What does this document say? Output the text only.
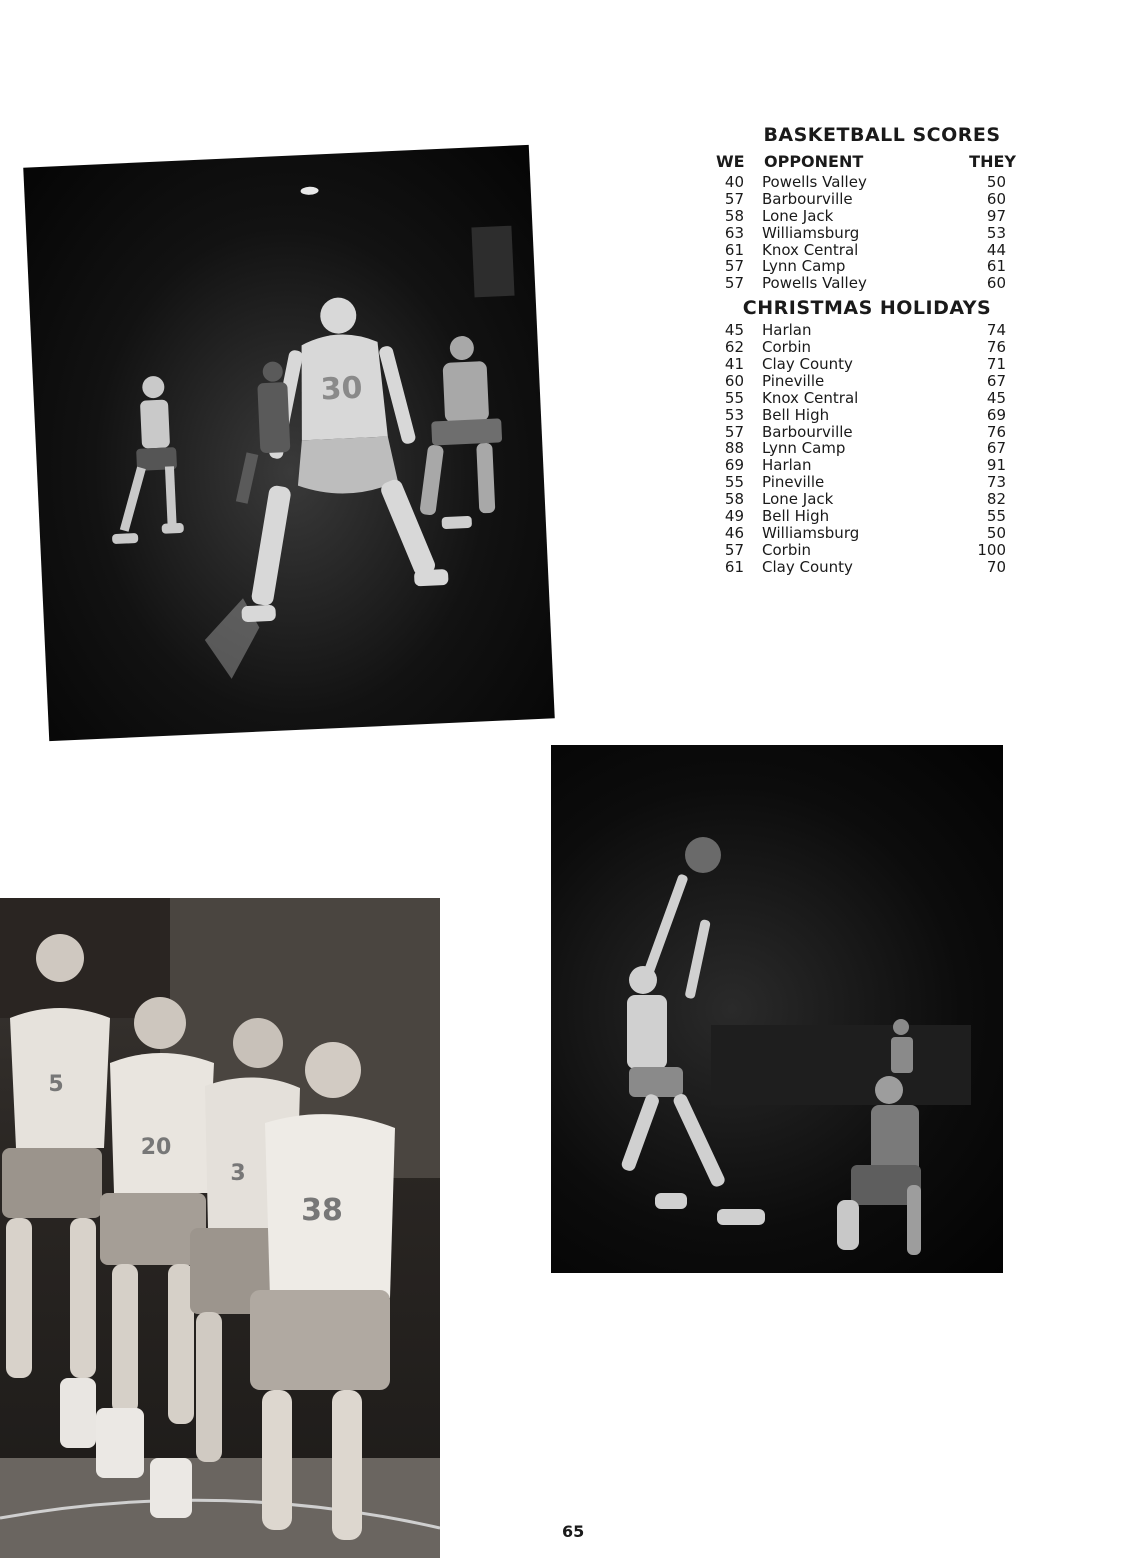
30
BASKETBALL SCORES
WE OPPONENT	THEY
40 Powells Valley	50
57 Barbourville	60
58 Lone Jack	97
63 Williamsburg	53
61 Knox Central	44
57 Lynn Camp	61
57 Powells Valley	60
CHRISTMAS HOLIDAYS
45 Harlan	74
62 Corbin	76
41 Clay County	71
60 Pineville	67
55 Knox Central	45
53 Bell High	69
57 Barbourville	76
88 Lynn Camp	67
69 Harlan	91
55 Pineville	73
58 Lone Jack	82
49 Bell High	55
46 Williamsburg	50
57 Corbin	100
61 Clay County	70
5
20
3
38
65
